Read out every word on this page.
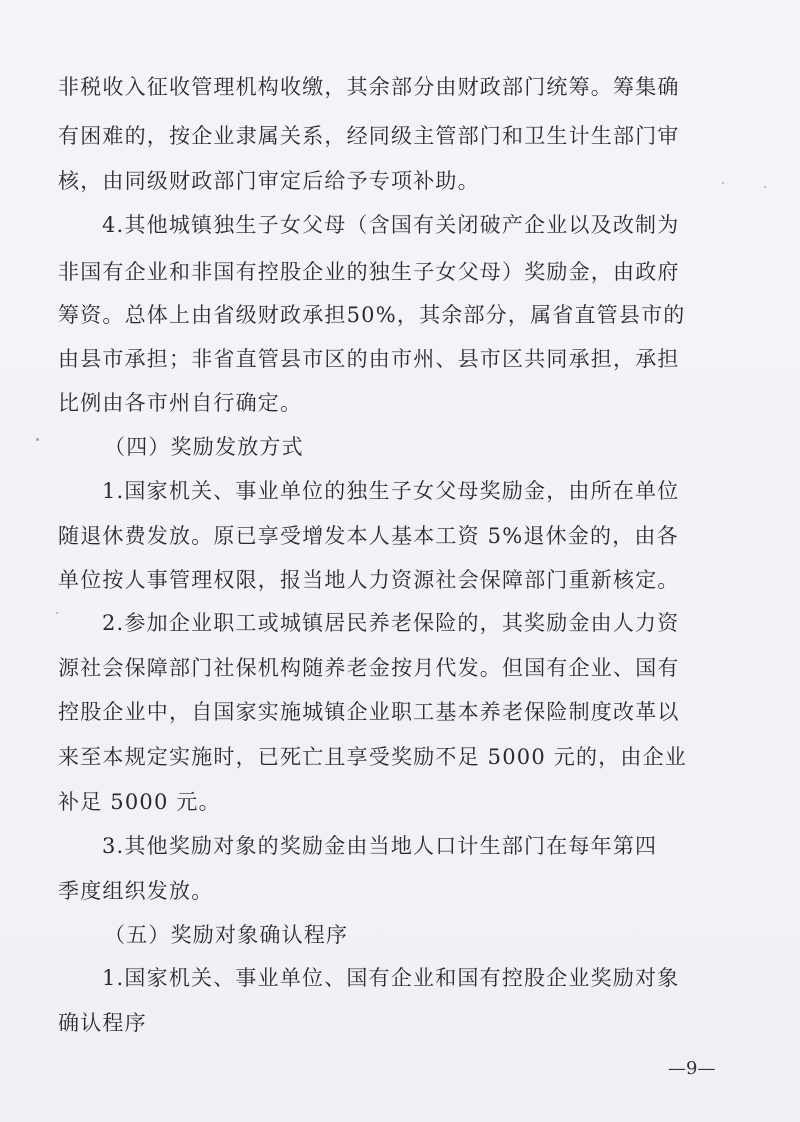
非税收入征收管理机构收缴，其余部分由财政部门统筹。筹集确
有困难的，按企业隶属关系，经同级主管部门和卫生计生部门审
核，由同级财政部门审定后给予专项补助。
4.其他城镇独生子女父母（含国有关闭破产企业以及改制为
非国有企业和非国有控股企业的独生子女父母）奖励金，由政府
筹资。总体上由省级财政承担50%，其余部分，属省直管县市的
由县市承担；非省直管县市区的由市州、县市区共同承担，承担
比例由各市州自行确定。
（四）奖励发放方式
1.国家机关、事业单位的独生子女父母奖励金，由所在单位
随退休费发放。原已享受增发本人基本工资 5%退休金的，由各
单位按人事管理权限，报当地人力资源社会保障部门重新核定。
2.参加企业职工或城镇居民养老保险的，其奖励金由人力资
源社会保障部门社保机构随养老金按月代发。但国有企业、国有
控股企业中，自国家实施城镇企业职工基本养老保险制度改革以
来至本规定实施时，已死亡且享受奖励不足 5000 元的，由企业
补足 5000 元。
3.其他奖励对象的奖励金由当地人口计生部门在每年第四
季度组织发放。
（五）奖励对象确认程序
1.国家机关、事业单位、国有企业和国有控股企业奖励对象
确认程序
—9—
